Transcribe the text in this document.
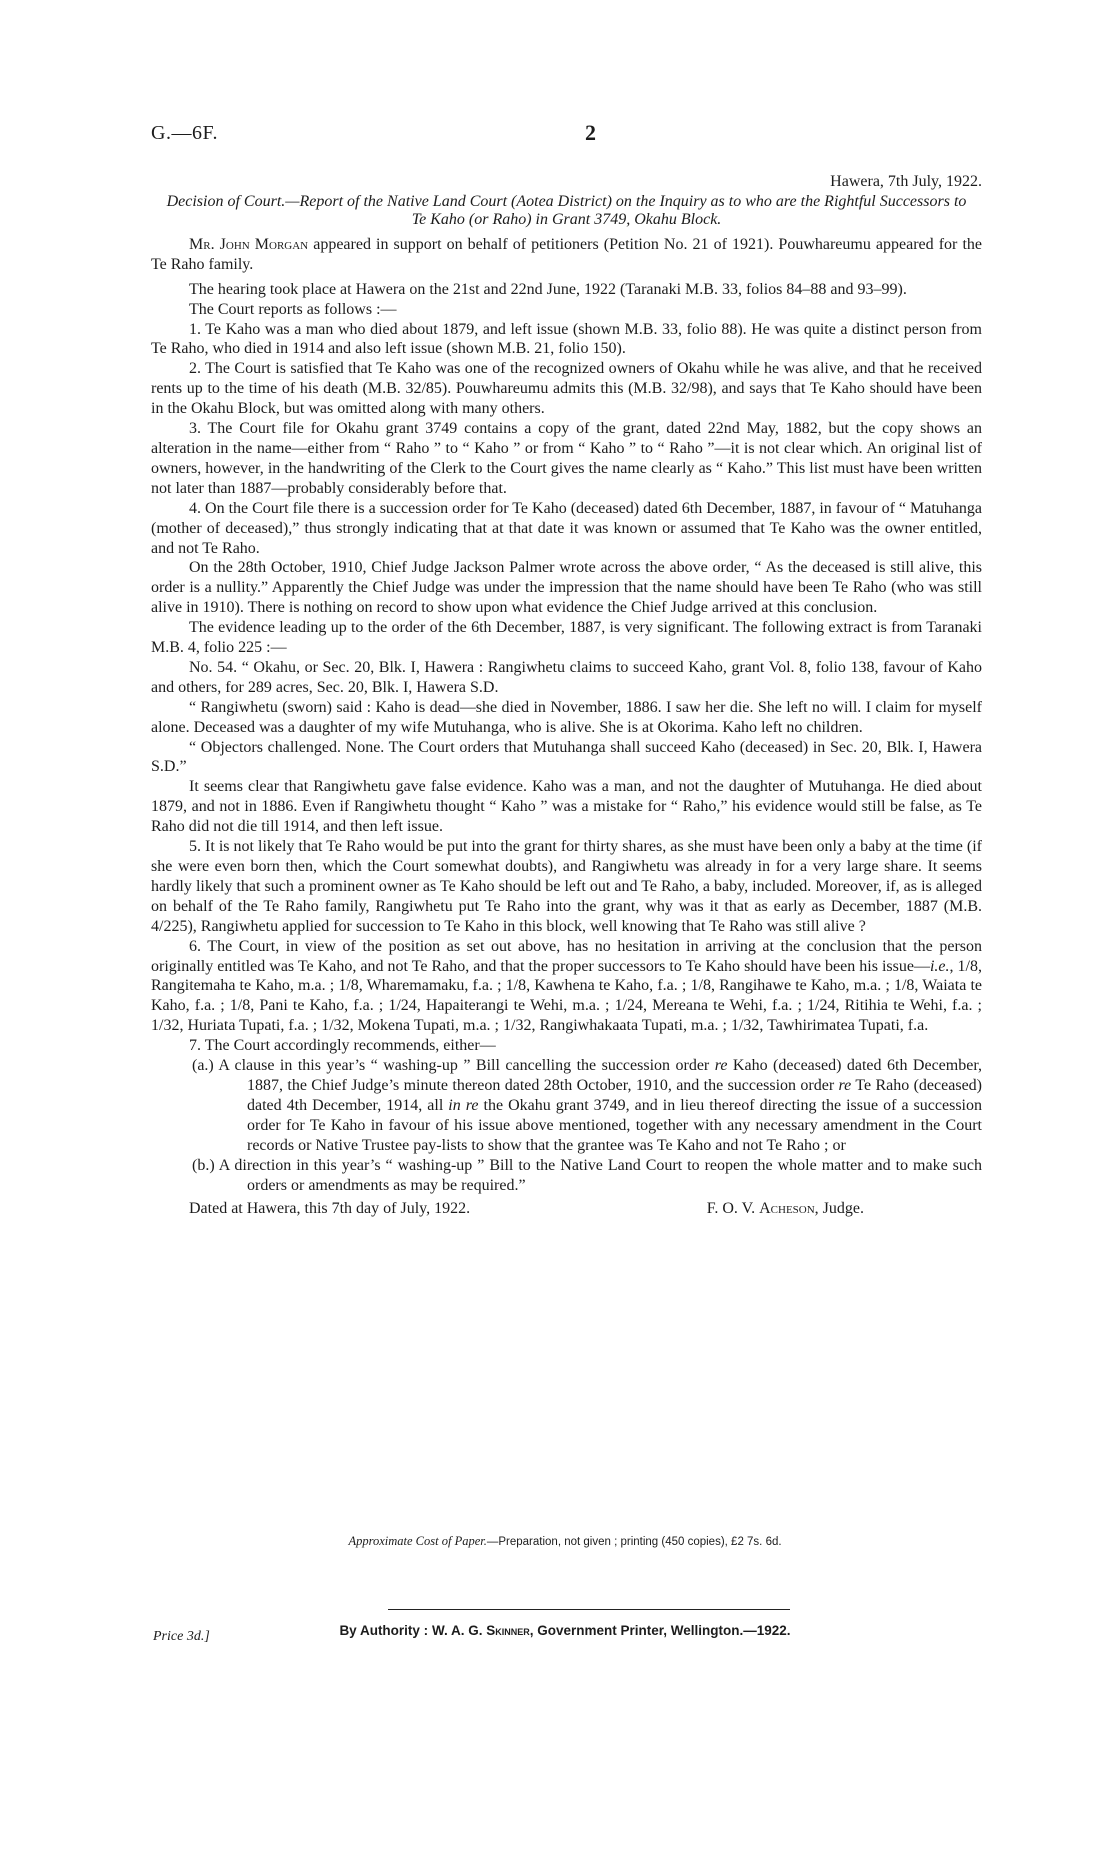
G.—6F.	2

Hawera, 7th July, 1922.

Decision of Court.—Report of the Native Land Court (Aotea District) on the Inquiry as to who are the Rightful Successors to Te Kaho (or Raho) in Grant 3749, Okahu Block.

Mr. John Morgan appeared in support on behalf of petitioners (Petition No. 21 of 1921). Pouwhareumu appeared for the Te Raho family.

The hearing took place at Hawera on the 21st and 22nd June, 1922 (Taranaki M.B. 33, folios 84–88 and 93–99).

The Court reports as follows :—

1. Te Kaho was a man who died about 1879, and left issue (shown M.B. 33, folio 88). He was quite a distinct person from Te Raho, who died in 1914 and also left issue (shown M.B. 21, folio 150).

2. The Court is satisfied that Te Kaho was one of the recognized owners of Okahu while he was alive, and that he received rents up to the time of his death (M.B. 32/85). Pouwhareumu admits this (M.B. 32/98), and says that Te Kaho should have been in the Okahu Block, but was omitted along with many others.

3. The Court file for Okahu grant 3749 contains a copy of the grant, dated 22nd May, 1882, but the copy shows an alteration in the name—either from “ Raho ” to “ Kaho ” or from “ Kaho ” to “ Raho ”—it is not clear which. An original list of owners, however, in the handwriting of the Clerk to the Court gives the name clearly as “ Kaho.” This list must have been written not later than 1887—probably considerably before that.

4. On the Court file there is a succession order for Te Kaho (deceased) dated 6th December, 1887, in favour of “ Matuhanga (mother of deceased),” thus strongly indicating that at that date it was known or assumed that Te Kaho was the owner entitled, and not Te Raho.

On the 28th October, 1910, Chief Judge Jackson Palmer wrote across the above order, “ As the deceased is still alive, this order is a nullity.” Apparently the Chief Judge was under the impression that the name should have been Te Raho (who was still alive in 1910). There is nothing on record to show upon what evidence the Chief Judge arrived at this conclusion.

The evidence leading up to the order of the 6th December, 1887, is very significant. The following extract is from Taranaki M.B. 4, folio 225 :—

No. 54. “ Okahu, or Sec. 20, Blk. I, Hawera : Rangiwhetu claims to succeed Kaho, grant Vol. 8, folio 138, favour of Kaho and others, for 289 acres, Sec. 20, Blk. I, Hawera S.D.

“ Rangiwhetu (sworn) said : Kaho is dead—she died in November, 1886. I saw her die. She left no will. I claim for myself alone. Deceased was a daughter of my wife Mutuhanga, who is alive. She is at Okorima. Kaho left no children.

“ Objectors challenged. None. The Court orders that Mutuhanga shall succeed Kaho (deceased) in Sec. 20, Blk. I, Hawera S.D.”

It seems clear that Rangiwhetu gave false evidence. Kaho was a man, and not the daughter of Mutuhanga. He died about 1879, and not in 1886. Even if Rangiwhetu thought “ Kaho ” was a mistake for “ Raho,” his evidence would still be false, as Te Raho did not die till 1914, and then left issue.

5. It is not likely that Te Raho would be put into the grant for thirty shares, as she must have been only a baby at the time (if she were even born then, which the Court somewhat doubts), and Rangiwhetu was already in for a very large share. It seems hardly likely that such a prominent owner as Te Kaho should be left out and Te Raho, a baby, included. Moreover, if, as is alleged on behalf of the Te Raho family, Rangiwhetu put Te Raho into the grant, why was it that as early as December, 1887 (M.B. 4/225), Rangiwhetu applied for succession to Te Kaho in this block, well knowing that Te Raho was still alive ?

6. The Court, in view of the position as set out above, has no hesitation in arriving at the conclusion that the person originally entitled was Te Kaho, and not Te Raho, and that the proper successors to Te Kaho should have been his issue—i.e., 1/8, Rangitemaha te Kaho, m.a. ; 1/8, Wharemamaku, f.a. ; 1/8, Kawhena te Kaho, f.a. ; 1/8, Rangihawe te Kaho, m.a. ; 1/8, Waiata te Kaho, f.a. ; 1/8, Pani te Kaho, f.a. ; 1/24, Hapaiterangi te Wehi, m.a. ; 1/24, Mereana te Wehi, f.a. ; 1/24, Ritihia te Wehi, f.a. ; 1/32, Huriata Tupati, f.a. ; 1/32, Mokena Tupati, m.a. ; 1/32, Rangiwhakaata Tupati, m.a. ; 1/32, Tawhirimatea Tupati, f.a.

7. The Court accordingly recommends, either—

(a.) A clause in this year’s “ washing-up ” Bill cancelling the succession order re Kaho (deceased) dated 6th December, 1887, the Chief Judge’s minute thereon dated 28th October, 1910, and the succession order re Te Raho (deceased) dated 4th December, 1914, all in re the Okahu grant 3749, and in lieu thereof directing the issue of a succession order for Te Kaho in favour of his issue above mentioned, together with any necessary amendment in the Court records or Native Trustee pay-lists to show that the grantee was Te Kaho and not Te Raho ; or

(b.) A direction in this year’s “ washing-up ” Bill to the Native Land Court to reopen the whole matter and to make such orders or amendments as may be required.”

Dated at Hawera, this 7th day of July, 1922.	F. O. V. Acheson, Judge.

Approximate Cost of Paper.—Preparation, not given ; printing (450 copies), £2 7s. 6d.
By Authority : W. A. G. Skinner, Government Printer, Wellington.—1922.
Price 3d.]
